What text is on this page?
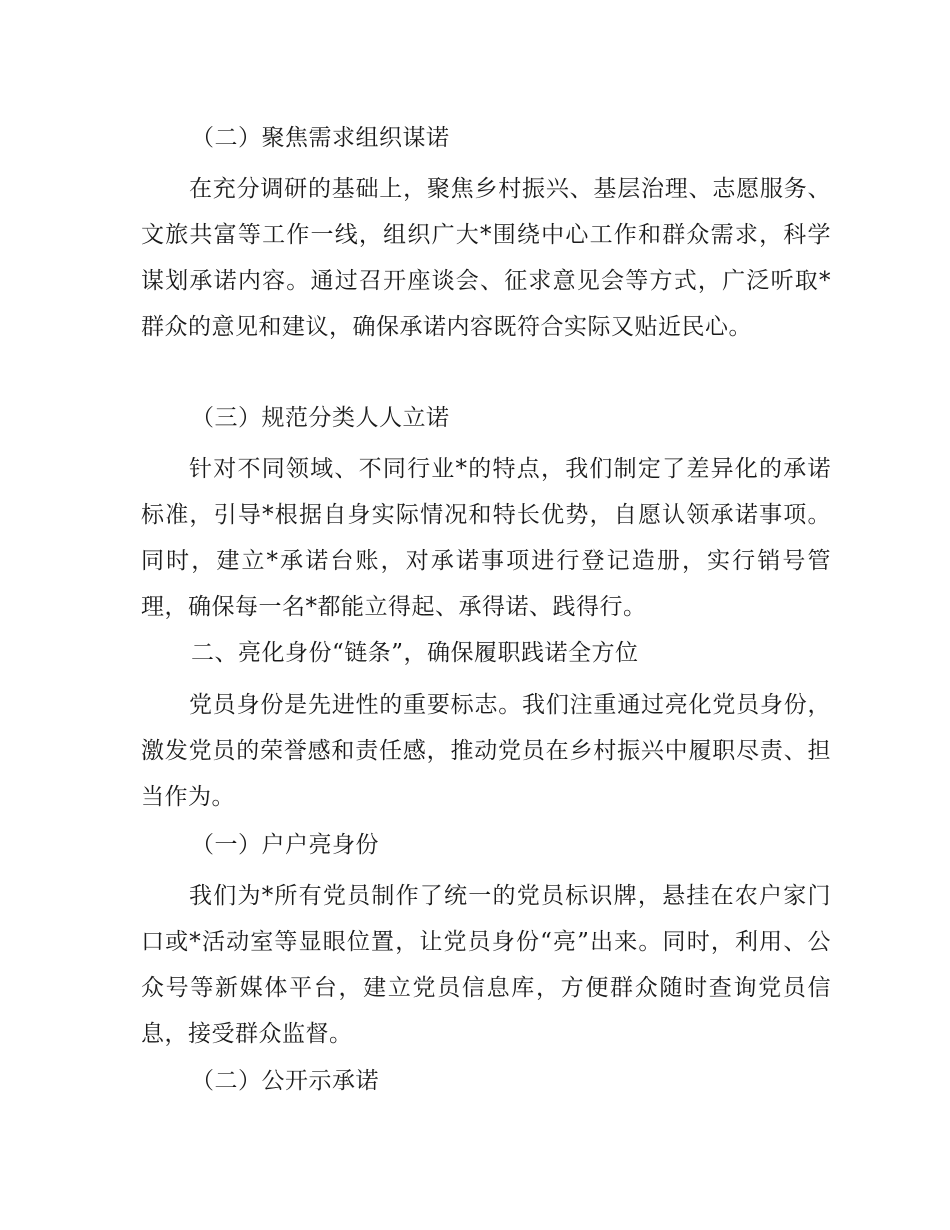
（二）聚焦需求组织谋诺
在充分调研的基础上，聚焦乡村振兴、基层治理、志愿服务、文旅共富等工作一线，组织广大*围绕中心工作和群众需求，科学谋划承诺内容。通过召开座谈会、征求意见会等方式，广泛听取*群众的意见和建议，确保承诺内容既符合实际又贴近民心。
（三）规范分类人人立诺
针对不同领域、不同行业*的特点，我们制定了差异化的承诺标准，引导*根据自身实际情况和特长优势，自愿认领承诺事项。同时，建立*承诺台账，对承诺事项进行登记造册，实行销号管理，确保每一名*都能立得起、承得诺、践得行。
二、亮化身份“链条”，确保履职践诺全方位
党员身份是先进性的重要标志。我们注重通过亮化党员身份，激发党员的荣誉感和责任感，推动党员在乡村振兴中履职尽责、担当作为。
（一）户户亮身份
我们为*所有党员制作了统一的党员标识牌，悬挂在农户家门口或*活动室等显眼位置，让党员身份“亮”出来。同时，利用、公众号等新媒体平台，建立党员信息库，方便群众随时查询党员信息，接受群众监督。
（二）公开示承诺
